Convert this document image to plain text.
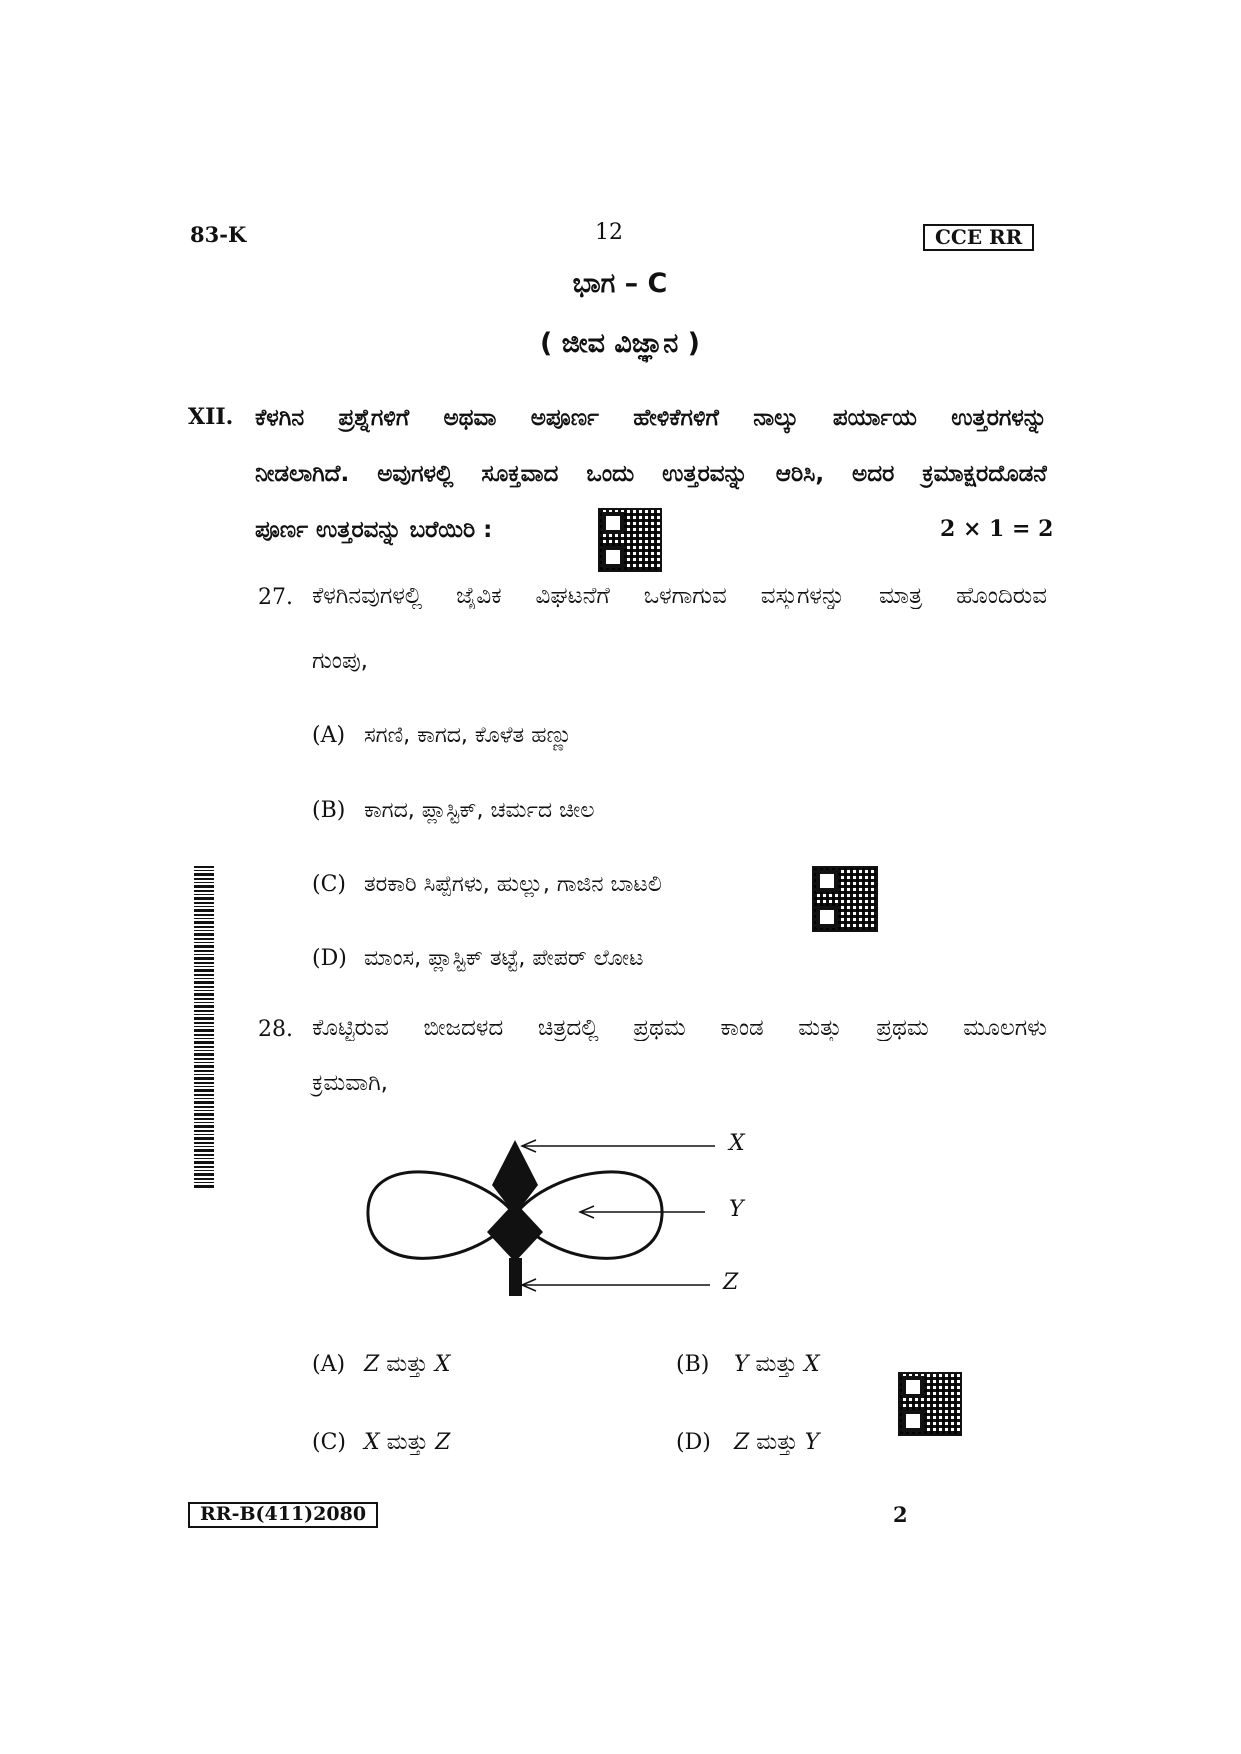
83-K	12	CCE RR
ಭಾಗ – C
( ಜೀವ ವಿಜ್ಞಾನ )
XII. ಕೆಳಗಿನ ಪ್ರಶ್ನೆಗಳಿಗೆ ಅಥವಾ ಅಪೂರ್ಣ ಹೇಳಿಕೆಗಳಿಗೆ ನಾಲ್ಕು ಪರ್ಯಾಯ ಉತ್ತರಗಳನ್ನು
ನೀಡಲಾಗಿದೆ. ಅವುಗಳಲ್ಲಿ ಸೂಕ್ತವಾದ ಒಂದು ಉತ್ತರವನ್ನು ಆರಿಸಿ, ಅದರ ಕ್ರಮಾಕ್ಷರದೊಡನೆ
ಪೂರ್ಣ ಉತ್ತರವನ್ನು ಬರೆಯಿರಿ :	2 × 1 = 2
27. ಕೆಳಗಿನವುಗಳಲ್ಲಿ ಜೈವಿಕ ವಿಘಟನೆಗೆ ಒಳಗಾಗುವ ವಸ್ತುಗಳನ್ನು ಮಾತ್ರ ಹೊಂದಿರುವ
ಗುಂಪು,
(A) ಸಗಣಿ, ಕಾಗದ, ಕೊಳೆತ ಹಣ್ಣು
(B) ಕಾಗದ, ಪ್ಲಾಸ್ಟಿಕ್, ಚರ್ಮದ ಚೀಲ
(C) ತರಕಾರಿ ಸಿಪ್ಪೆಗಳು, ಹುಲ್ಲು, ಗಾಜಿನ ಬಾಟಲಿ
(D) ಮಾಂಸ, ಪ್ಲಾಸ್ಟಿಕ್ ತಟ್ಟೆ, ಪೇಪರ್ ಲೋಟ
28. ಕೊಟ್ಟಿರುವ ಬೀಜದಳದ ಚಿತ್ರದಲ್ಲಿ ಪ್ರಥಮ ಕಾಂಡ ಮತ್ತು ಪ್ರಥಮ ಮೂಲಗಳು
ಕ್ರಮವಾಗಿ,
X
Y
Z
(A) Z ಮತ್ತು X	(B) Y ಮತ್ತು X
(C) X ಮತ್ತು Z	(D) Z ಮತ್ತು Y
RR-B(411)2080	2
